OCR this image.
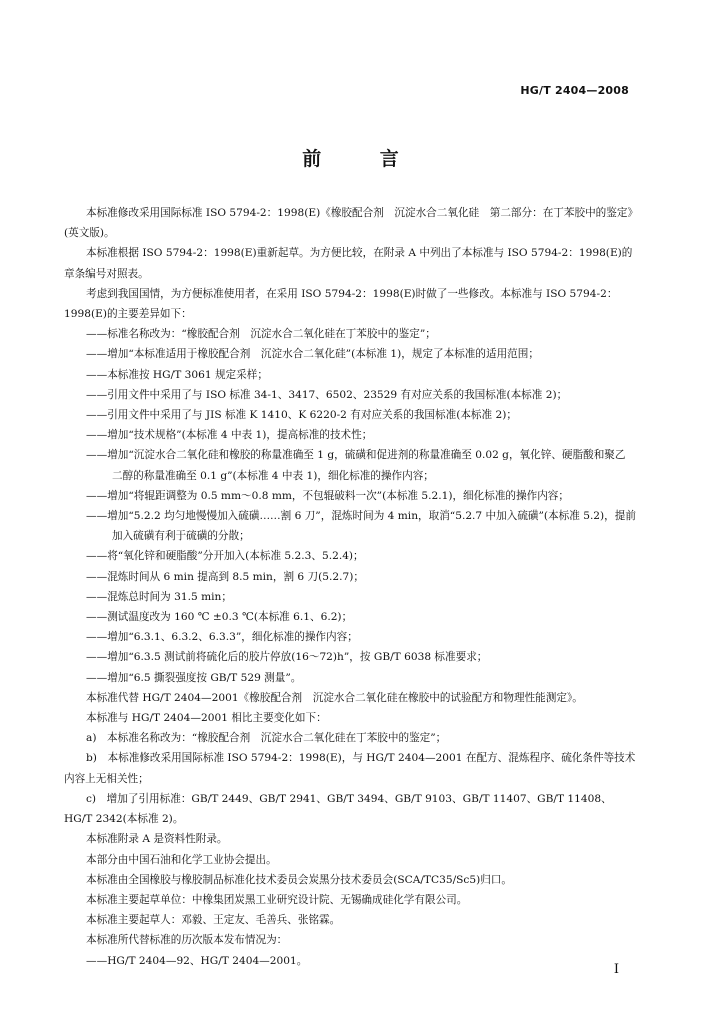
HG/T 2404—2008
前 言

本标准修改采用国际标准 ISO 5794-2：1998(E)《橡胶配合剂　沉淀水合二氧化硅　第二部分：在丁苯胶中的鉴定》(英文版)。

本标准根据 ISO 5794-2：1998(E)重新起草。为方便比较，在附录 A 中列出了本标准与 ISO 5794-2：1998(E)的章条编号对照表。

考虑到我国国情，为方便标准使用者，在采用 ISO 5794-2：1998(E)时做了一些修改。本标准与 ISO 5794-2：1998(E)的主要差异如下：

——标准名称改为：“橡胶配合剂　沉淀水合二氧化硅在丁苯胶中的鉴定”；

——增加“本标准适用于橡胶配合剂　沉淀水合二氧化硅”(本标准 1)，规定了本标准的适用范围；

——本标准按 HG/T 3061 规定采样；

——引用文件中采用了与 ISO 标准 34-1、3417、6502、23529 有对应关系的我国标准(本标准 2)；

——引用文件中采用了与 JIS 标准 K 1410、K 6220-2 有对应关系的我国标准(本标准 2)；

——增加“技术规格”(本标准 4 中表 1)，提高标准的技术性；

——增加“沉淀水合二氧化硅和橡胶的称量准确至 1 g，硫磺和促进剂的称量准确至 0.02 g，氧化锌、硬脂酸和聚乙二醇的称量准确至 0.1 g”(本标准 4 中表 1)，细化标准的操作内容；

——增加“将辊距调整为 0.5 mm～0.8 mm，不包辊破料一次”(本标准 5.2.1)，细化标准的操作内容；

——增加“5.2.2 均匀地慢慢加入硫磺……割 6 刀”，混炼时间为 4 min，取消“5.2.7 中加入硫磺”(本标准 5.2)，提前加入硫磺有利于硫磺的分散；

——将“氧化锌和硬脂酸”分开加入(本标准 5.2.3、5.2.4)；

——混炼时间从 6 min 提高到 8.5 min，割 6 刀(5.2.7)；

——混炼总时间为 31.5 min；

——测试温度改为 160 ℃ ±0.3 ℃(本标准 6.1、6.2)；

——增加“6.3.1、6.3.2、6.3.3”，细化标准的操作内容；

——增加“6.3.5 测试前将硫化后的胶片停放(16～72)h”，按 GB/T 6038 标准要求；

——增加“6.5 撕裂强度按 GB/T 529 测量”。

本标准代替 HG/T 2404—2001《橡胶配合剂　沉淀水合二氧化硅在橡胶中的试验配方和物理性能测定》。

本标准与 HG/T 2404—2001 相比主要变化如下：

a)　本标准名称改为：“橡胶配合剂　沉淀水合二氧化硅在丁苯胶中的鉴定”；

b)　本标准修改采用国际标准 ISO 5794-2：1998(E)，与 HG/T 2404—2001 在配方、混炼程序、硫化条件等技术内容上无相关性；

c)　增加了引用标准：GB/T 2449、GB/T 2941、GB/T 3494、GB/T 9103、GB/T 11407、GB/T 11408、HG/T 2342(本标准 2)。

本标准附录 A 是资料性附录。

本部分由中国石油和化学工业协会提出。

本标准由全国橡胶与橡胶制品标准化技术委员会炭黑分技术委员会(SCA/TC35/Sc5)归口。

本标准主要起草单位：中橡集团炭黑工业研究设计院、无锡确成硅化学有限公司。

本标准主要起草人：邓毅、王定友、毛善兵、张铭霖。

本标准所代替标准的历次版本发布情况为：

——HG/T 2404—92、HG/T 2404—2001。

I
